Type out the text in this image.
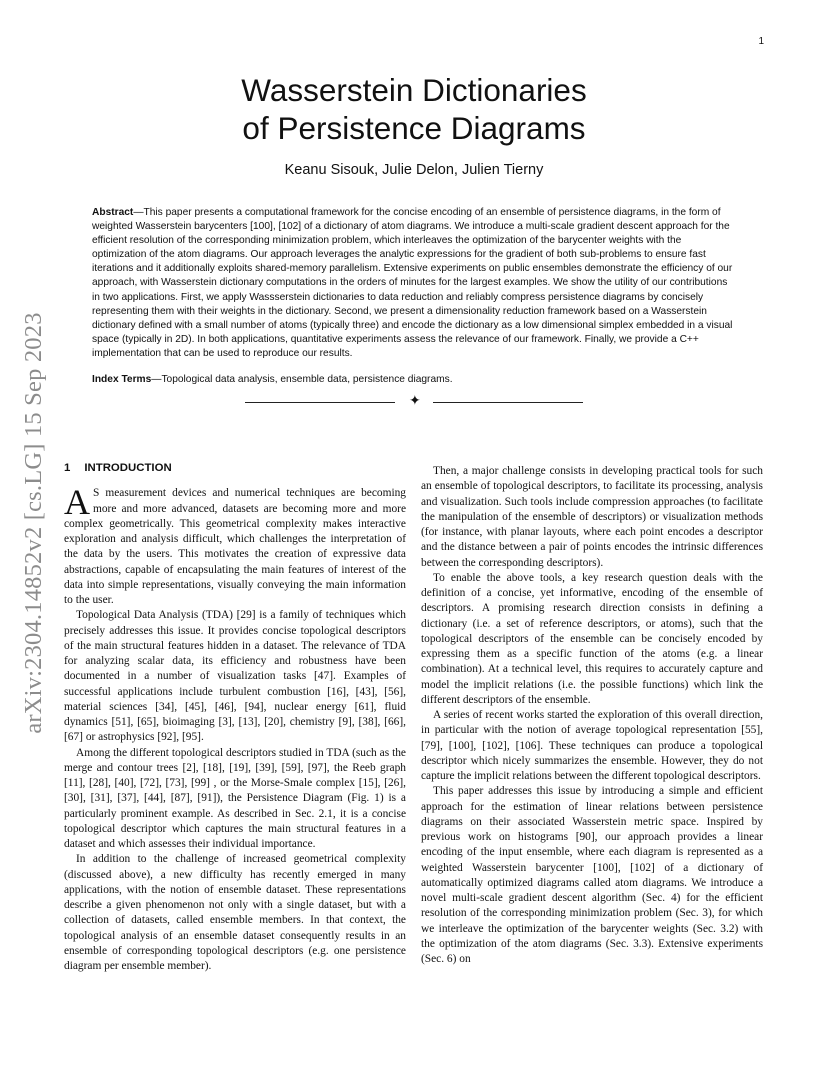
1
arXiv:2304.14852v2 [cs.LG] 15 Sep 2023
Wasserstein Dictionaries
of Persistence Diagrams
Keanu Sisouk, Julie Delon, Julien Tierny

Abstract—This paper presents a computational framework for the concise encoding of an ensemble of persistence diagrams, in the form of weighted Wasserstein barycenters [100], [102] of a dictionary of atom diagrams. We introduce a multi-scale gradient descent approach for the efficient resolution of the corresponding minimization problem, which interleaves the optimization of the barycenter weights with the optimization of the atom diagrams. Our approach leverages the analytic expressions for the gradient of both sub-problems to ensure fast iterations and it additionally exploits shared-memory parallelism. Extensive experiments on public ensembles demonstrate the efficiency of our approach, with Wasserstein dictionary computations in the orders of minutes for the largest examples. We show the utility of our contributions in two applications. First, we apply Wassserstein dictionaries to data reduction and reliably compress persistence diagrams by concisely representing them with their weights in the dictionary. Second, we present a dimensionality reduction framework based on a Wasserstein dictionary defined with a small number of atoms (typically three) and encode the dictionary as a low dimensional simplex embedded in a visual space (typically in 2D). In both applications, quantitative experiments assess the relevance of our framework. Finally, we provide a C++ implementation that can be used to reproduce our results.

Index Terms—Topological data analysis, ensemble data, persistence diagrams.

✦
1 INTRODUCTION

A S measurement devices and numerical techniques are becoming more and more advanced, datasets are becoming more and more complex geometrically. This geometrical complexity makes interactive exploration and analysis difficult, which challenges the interpretation of the data by the users. This motivates the creation of expressive data abstractions, capable of encapsulating the main features of interest of the data into simple representations, visually conveying the main information to the user.

Topological Data Analysis (TDA) [29] is a family of techniques which precisely addresses this issue. It provides concise topological descriptors of the main structural features hidden in a dataset. The relevance of TDA for analyzing scalar data, its efficiency and robustness have been documented in a number of visualization tasks [47]. Examples of successful applications include turbulent combustion [16], [43], [56], material sciences [34], [45], [46], [94], nuclear energy [61], fluid dynamics [51], [65], bioimaging [3], [13], [20], chemistry [9], [38], [66], [67] or astrophysics [92], [95].

Among the different topological descriptors studied in TDA (such as the merge and contour trees [2], [18], [19], [39], [59], [97], the Reeb graph [11], [28], [40], [72], [73], [99] , or the Morse-Smale complex [15], [26], [30], [31], [37], [44], [87], [91]), the Persistence Diagram (Fig. 1) is a particularly prominent example. As described in Sec. 2.1, it is a concise topological descriptor which captures the main structural features in a dataset and which assesses their individual importance.

In addition to the challenge of increased geometrical complexity (discussed above), a new difficulty has recently emerged in many applications, with the notion of ensemble dataset. These representations describe a given phenomenon not only with a single dataset, but with a collection of datasets, called ensemble members. In that context, the topological analysis of an ensemble dataset consequently results in an ensemble of corresponding topological descriptors (e.g. one persistence diagram per ensemble member).

Then, a major challenge consists in developing practical tools for such an ensemble of topological descriptors, to facilitate its processing, analysis and visualization. Such tools include compression approaches (to facilitate the manipulation of the ensemble of descriptors) or visualization methods (for instance, with planar layouts, where each point encodes a descriptor and the distance between a pair of points encodes the intrinsic differences between the corresponding descriptors).

To enable the above tools, a key research question deals with the definition of a concise, yet informative, encoding of the ensemble of descriptors. A promising research direction consists in defining a dictionary (i.e. a set of reference descriptors, or atoms), such that the topological descriptors of the ensemble can be concisely encoded by expressing them as a specific function of the atoms (e.g. a linear combination). At a technical level, this requires to accurately capture and model the implicit relations (i.e. the possible functions) which link the different descriptors of the ensemble.

A series of recent works started the exploration of this overall direction, in particular with the notion of average topological representation [55], [79], [100], [102], [106]. These techniques can produce a topological descriptor which nicely summarizes the ensemble. However, they do not capture the implicit relations between the different topological descriptors.

This paper addresses this issue by introducing a simple and efficient approach for the estimation of linear relations between persistence diagrams on their associated Wasserstein metric space. Inspired by previous work on histograms [90], our approach provides a linear encoding of the input ensemble, where each diagram is represented as a weighted Wasserstein barycenter [100], [102] of a dictionary of automatically optimized diagrams called atom diagrams. We introduce a novel multi-scale gradient descent algorithm (Sec. 4) for the efficient resolution of the corresponding minimization problem (Sec. 3), for which we interleave the optimization of the barycenter weights (Sec. 3.2) with the optimization of the atom diagrams (Sec. 3.3). Extensive experiments (Sec. 6) on
